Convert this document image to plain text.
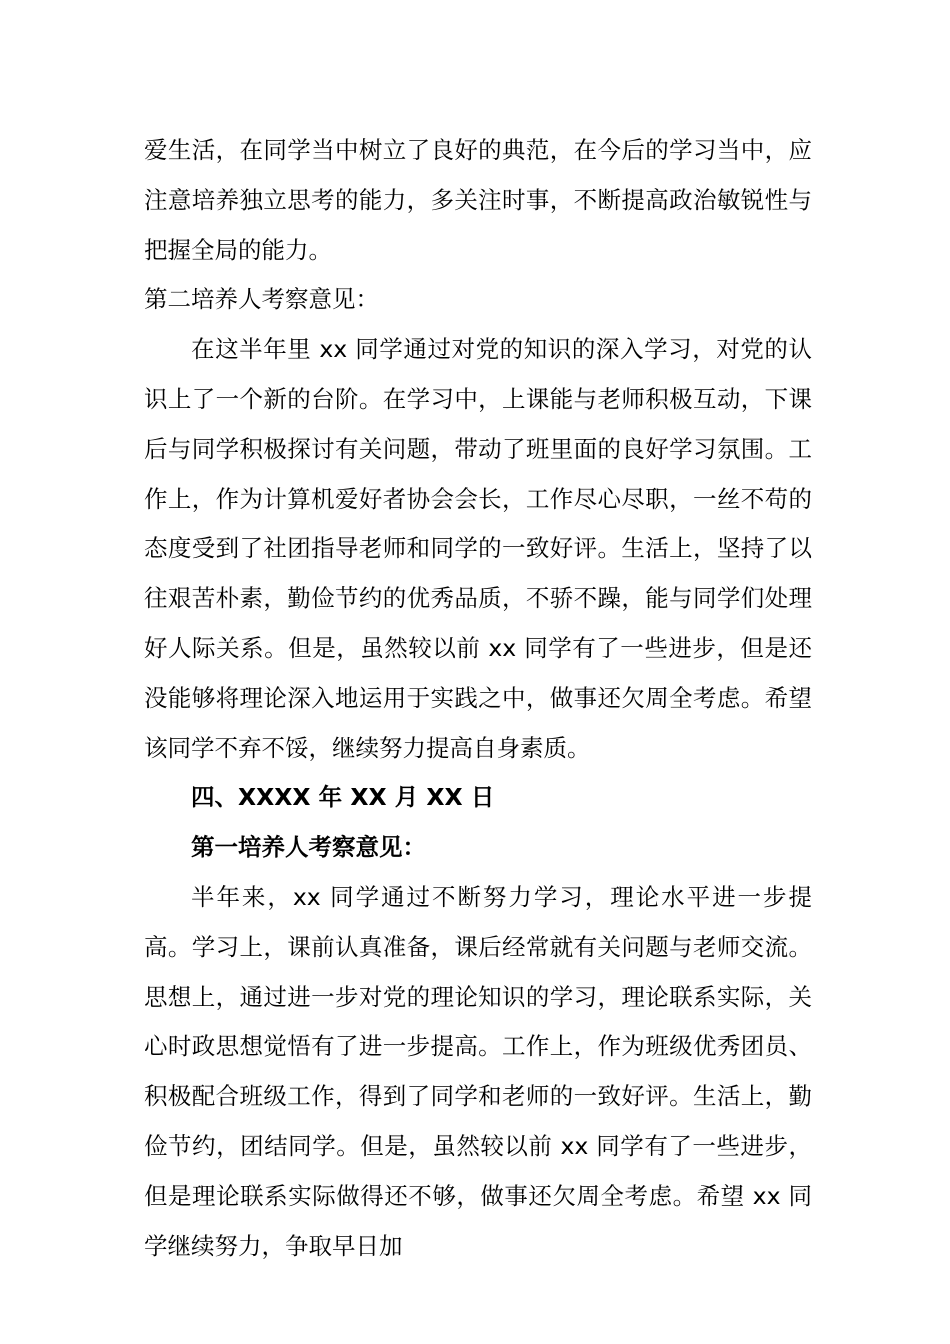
爱生活，在同学当中树立了良好的典范，在今后的学习当中，应注意培养独立思考的能力，多关注时事，不断提高政治敏锐性与把握全局的能力。

第二培养人考察意见：

在这半年里 xx 同学通过对党的知识的深入学习，对党的认识上了一个新的台阶。在学习中，上课能与老师积极互动，下课后与同学积极探讨有关问题，带动了班里面的良好学习氛围。工作上，作为计算机爱好者协会会长，工作尽心尽职，一丝不苟的态度受到了社团指导老师和同学的一致好评。生活上，坚持了以往艰苦朴素，勤俭节约的优秀品质，不骄不躁，能与同学们处理好人际关系。但是，虽然较以前 xx 同学有了一些进步，但是还没能够将理论深入地运用于实践之中，做事还欠周全考虑。希望该同学不弃不馁，继续努力提高自身素质。

四、XXXX 年 XX 月 XX 日

第一培养人考察意见：

半年来，xx 同学通过不断努力学习，理论水平进一步提高。学习上，课前认真准备，课后经常就有关问题与老师交流。思想上，通过进一步对党的理论知识的学习，理论联系实际，关心时政思想觉悟有了进一步提高。工作上，作为班级优秀团员、积极配合班级工作，得到了同学和老师的一致好评。生活上，勤俭节约，团结同学。但是，虽然较以前 xx 同学有了一些进步，但是理论联系实际做得还不够，做事还欠周全考虑。希望 xx 同学继续努力，争取早日加
